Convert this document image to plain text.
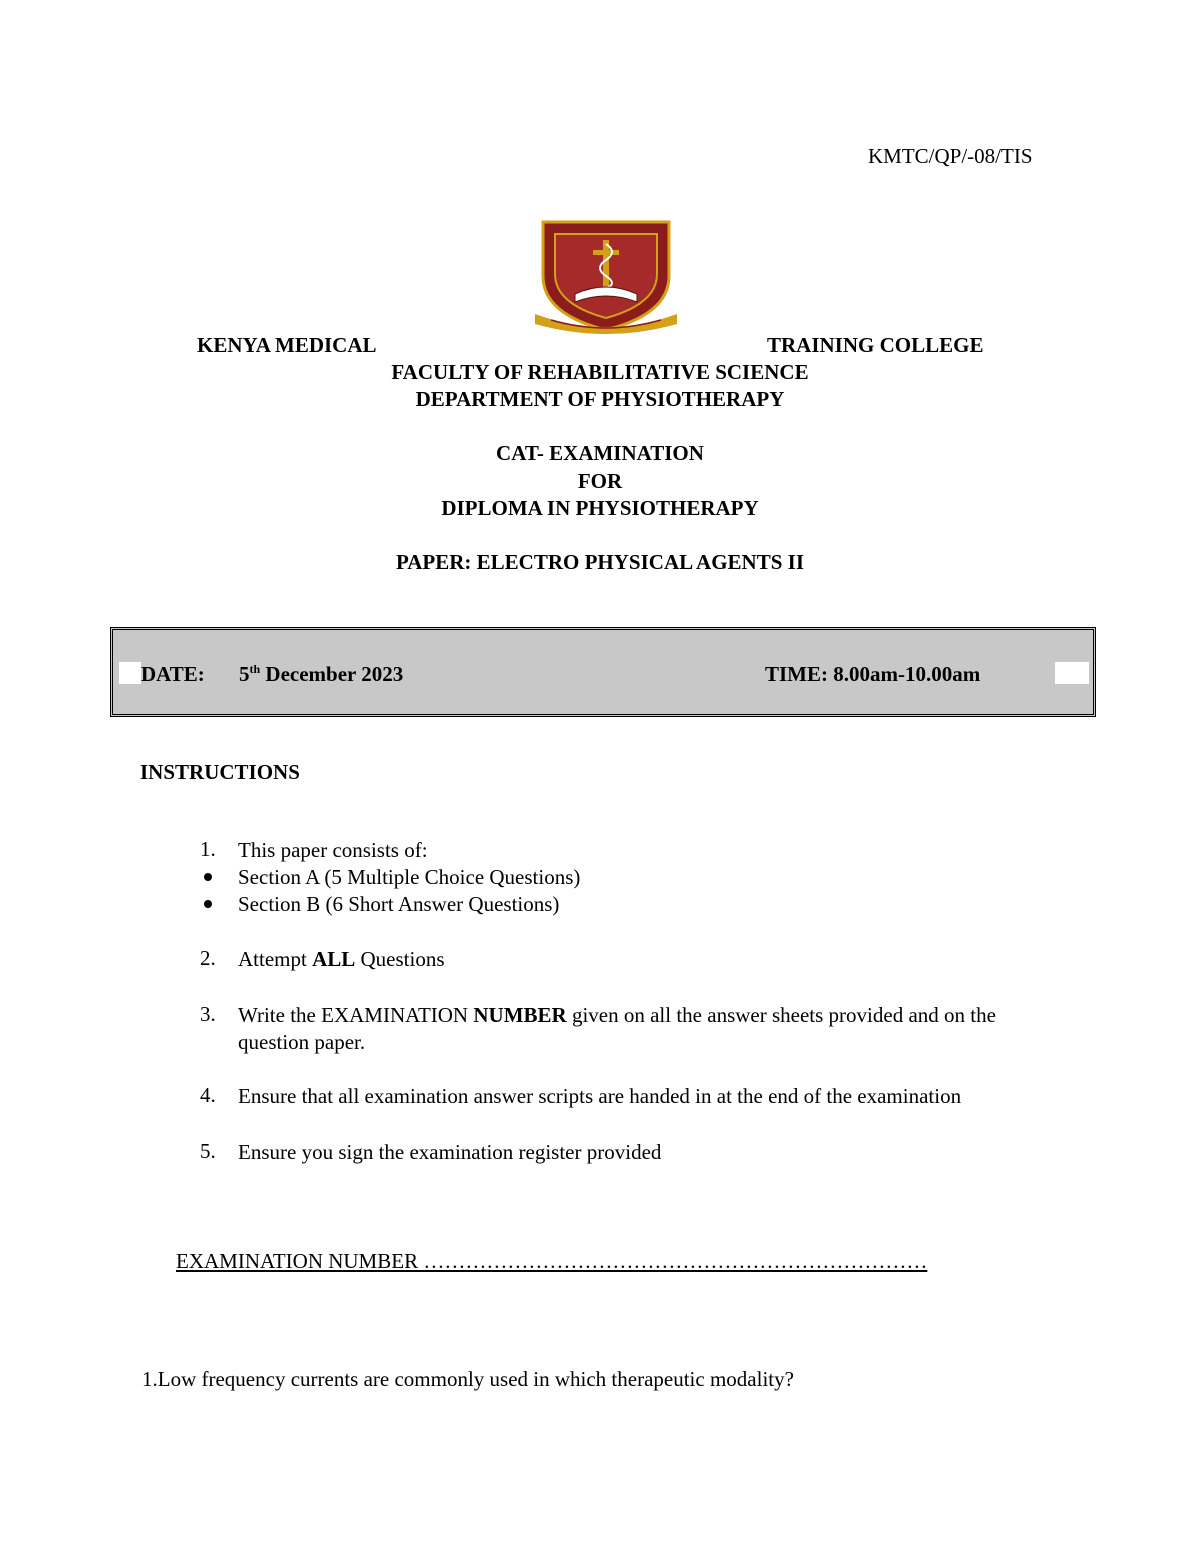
KMTC/QP/-08/TIS
KENYA MEDICAL	TRAINING COLLEGE
FACULTY OF REHABILITATIVE SCIENCE
DEPARTMENT OF PHYSIOTHERAPY
CAT- EXAMINATION
FOR
DIPLOMA IN PHYSIOTHERAPY
PAPER: ELECTRO PHYSICAL AGENTS II
DATE: 5th December 2023	TIME: 8.00am-10.00am
INSTRUCTIONS
1.	This paper consists of:
Section A (5 Multiple Choice Questions)
Section B (6 Short Answer Questions)
2.	Attempt ALL Questions
3.	Write the EXAMINATION NUMBER given on all the answer sheets provided and on the question paper.
4.	Ensure that all examination answer scripts are handed in at the end of the examination
5.	Ensure you sign the examination register provided
EXAMINATION NUMBER ………………………………………………………………
1.Low frequency currents are commonly used in which therapeutic modality?
